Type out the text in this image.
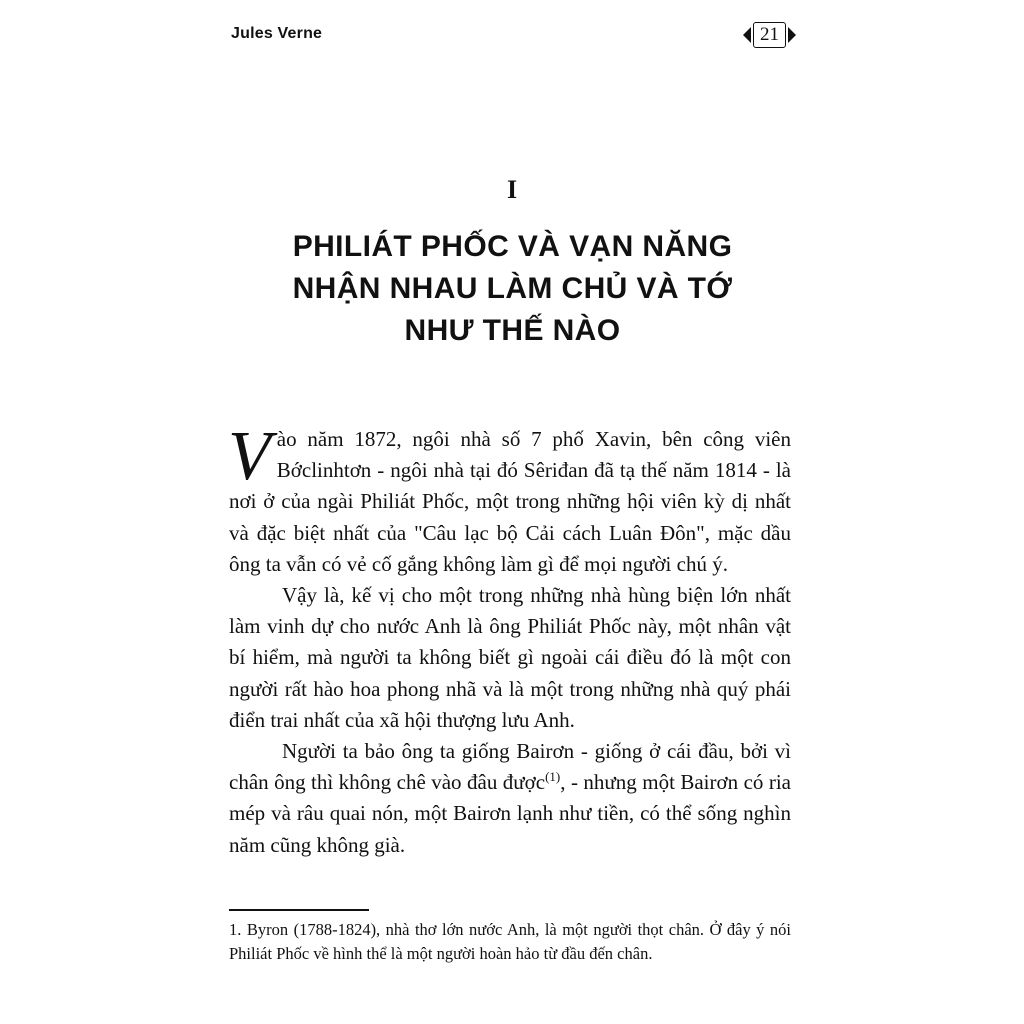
Jules Verne	21
I
PHILIÁT PHỐC VÀ VẠN NĂNG
NHẬN NHAU LÀM CHỦ VÀ TỚ
NHƯ THẾ NÀO

Vào năm 1872, ngôi nhà số 7 phố Xavin, bên công viên Bớclinhtơn - ngôi nhà tại đó Sêriđan đã tạ thế năm 1814 - là nơi ở của ngài Philiát Phốc, một trong những hội viên kỳ dị nhất và đặc biệt nhất của "Câu lạc bộ Cải cách Luân Đôn", mặc dầu ông ta vẫn có vẻ cố gắng không làm gì để mọi người chú ý.

Vậy là, kế vị cho một trong những nhà hùng biện lớn nhất làm vinh dự cho nước Anh là ông Philiát Phốc này, một nhân vật bí hiểm, mà người ta không biết gì ngoài cái điều đó là một con người rất hào hoa phong nhã và là một trong những nhà quý phái điển trai nhất của xã hội thượng lưu Anh.

Người ta bảo ông ta giống Bairơn - giống ở cái đầu, bởi vì chân ông thì không chê vào đâu được$^{(1)}$, - nhưng một Bairơn có ria mép và râu quai nón, một Bairơn lạnh như tiền, có thể sống nghìn năm cũng không già.

1. Byron (1788-1824), nhà thơ lớn nước Anh, là một người thọt chân. Ở đây ý nói Philiát Phốc về hình thể là một người hoàn hảo từ đầu đến chân.
